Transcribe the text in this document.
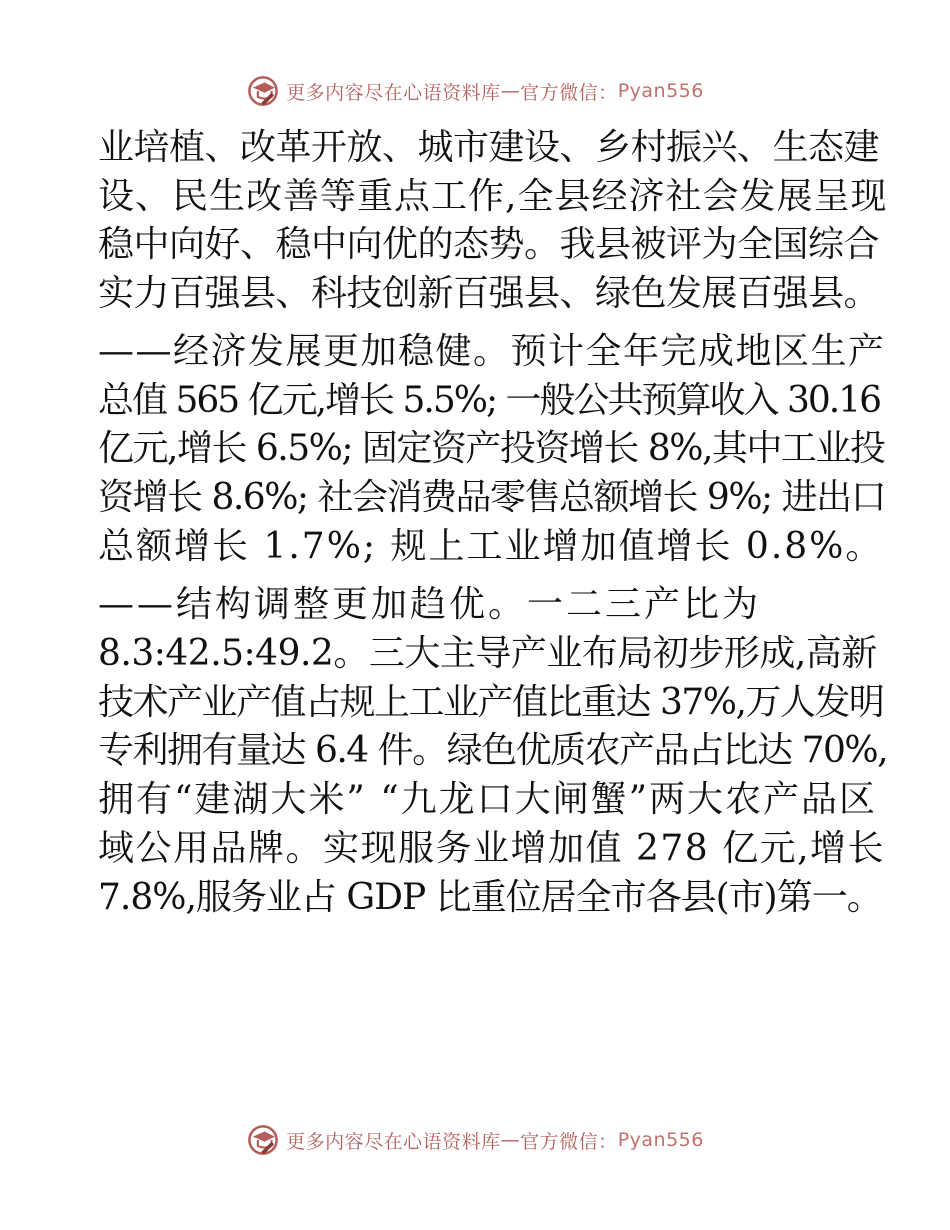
更多内容尽在心语资料库 — 官方微信： Pyan556

业培植、改革开放、城市建设、乡村振兴、生态建
设、民生改善等重点工作,全县经济社会发展呈现
稳中向好、稳中向优的态势。我县被评为全国综合
实力百强县、科技创新百强县、绿色发展百强县。

——经济发展更加稳健。预计全年完成地区生产
总值 565 亿元,增长 5.5%; 一般公共预算收入 30.16
亿元,增长 6.5%; 固定资产投资增长 8%,其中工业投
资增长 8.6%; 社会消费品零售总额增长 9%; 进出口
总额增长 1.7%; 规上工业增加值增长 0.8%。

——结构调整更加趋优。一二三产比为
8.3:42.5:49.2。三大主导产业布局初步形成,高新
技术产业产值占规上工业产值比重达 37%,万人发明
专利拥有量达 6.4 件。绿色优质农产品占比达 70%,
拥有“建湖大米” “九龙口大闸蟹”两大农产品区
域公用品牌。实现服务业增加值 278 亿元,增长
7.8%,服务业占 GDP 比重位居全市各县(市)第一。

更多内容尽在心语资料库 — 官方微信： Pyan556
